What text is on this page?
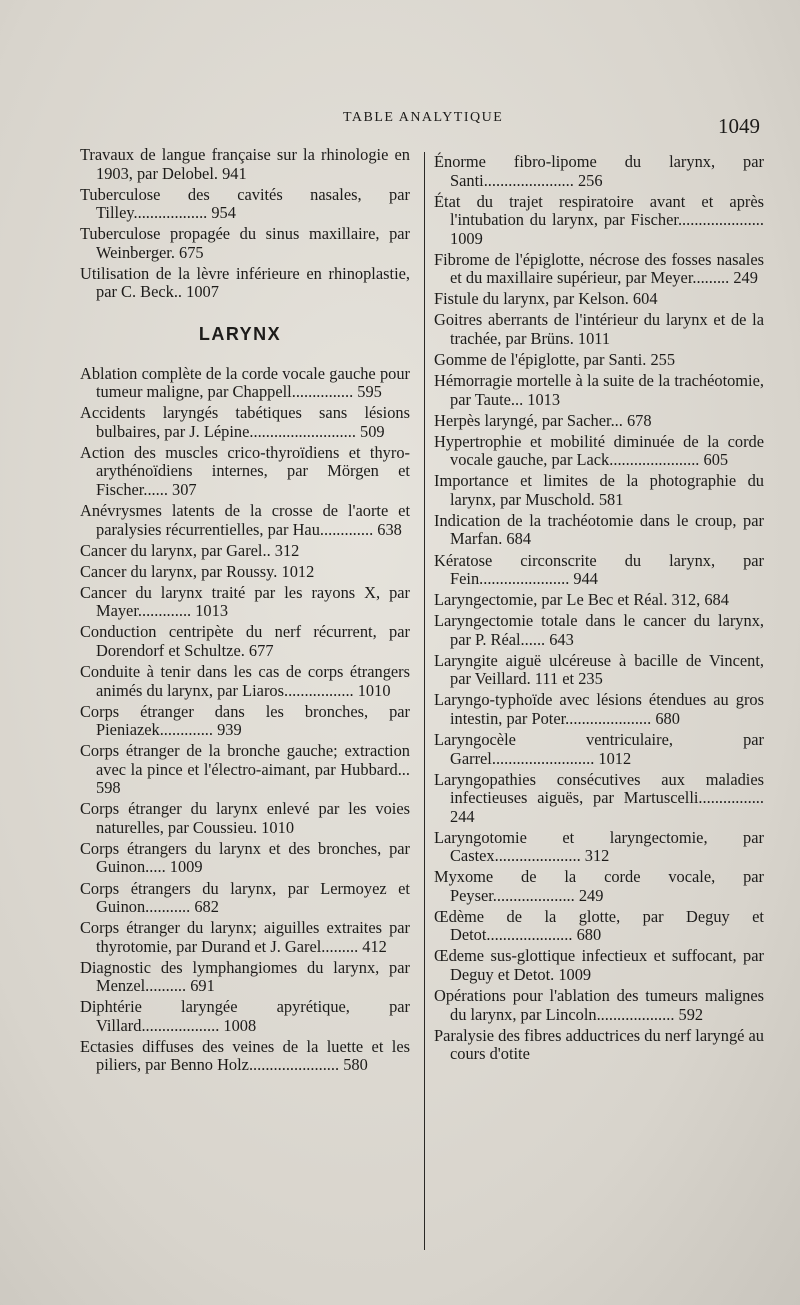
TABLE ANALYTIQUE	1049
Travaux de langue française sur la rhinologie en 1903, par Delobel. 941
Tuberculose des cavités nasales, par Tilley.................. 954
Tuberculose propagée du sinus maxillaire, par Weinberger. 675
Utilisation de la lèvre inférieure en rhinoplastie, par C. Beck.. 1007
LARYNX
Ablation complète de la corde vocale gauche pour tumeur maligne, par Chappell............... 595
Accidents laryngés tabétiques sans lésions bulbaires, par J. Lépine.......................... 509
Action des muscles crico-thyroïdiens et thyro-arythénoïdiens internes, par Mörgen et Fischer...... 307
Anévrysmes latents de la crosse de l'aorte et paralysies récurrentielles, par Hau............. 638
Cancer du larynx, par Garel.. 312
Cancer du larynx, par Roussy. 1012
Cancer du larynx traité par les rayons X, par Mayer............. 1013
Conduction centripète du nerf récurrent, par Dorendorf et Schultze. 677
Conduite à tenir dans les cas de corps étrangers animés du larynx, par Liaros................. 1010
Corps étranger dans les bronches, par Pieniazek............. 939
Corps étranger de la bronche gauche; extraction avec la pince et l'électro-aimant, par Hubbard... 598
Corps étranger du larynx enlevé par les voies naturelles, par Coussieu. 1010
Corps étrangers du larynx et des bronches, par Guinon..... 1009
Corps étrangers du larynx, par Lermoyez et Guinon........... 682
Corps étranger du larynx; aiguilles extraites par thyrotomie, par Durand et J. Garel......... 412
Diagnostic des lymphangiomes du larynx, par Menzel.......... 691
Diphtérie laryngée apyrétique, par Villard................... 1008
Ectasies diffuses des veines de la luette et les piliers, par Benno Holz...................... 580
Énorme fibro-lipome du larynx, par Santi...................... 256
État du trajet respiratoire avant et après l'intubation du larynx, par Fischer..................... 1009
Fibrome de l'épiglotte, nécrose des fosses nasales et du maxillaire supérieur, par Meyer......... 249
Fistule du larynx, par Kelson. 604
Goitres aberrants de l'intérieur du larynx et de la trachée, par Brüns. 1011
Gomme de l'épiglotte, par Santi. 255
Hémorragie mortelle à la suite de la trachéotomie, par Taute... 1013
Herpès laryngé, par Sacher... 678
Hypertrophie et mobilité diminuée de la corde vocale gauche, par Lack...................... 605
Importance et limites de la photographie du larynx, par Muschold. 581
Indication de la trachéotomie dans le croup, par Marfan. 684
Kératose circonscrite du larynx, par Fein...................... 944
Laryngectomie, par Le Bec et Réal. 312, 684
Laryngectomie totale dans le cancer du larynx, par P. Réal...... 643
Laryngite aiguë ulcéreuse à bacille de Vincent, par Veillard. 111 et 235
Laryngo-typhoïde avec lésions étendues au gros intestin, par Poter..................... 680
Laryngocèle ventriculaire, par Garrel......................... 1012
Laryngopathies consécutives aux maladies infectieuses aiguës, par Martuscelli................ 244
Laryngotomie et laryngectomie, par Castex..................... 312
Myxome de la corde vocale, par Peyser.................... 249
Œdème de la glotte, par Deguy et Detot..................... 680
Œdeme sus-glottique infectieux et suffocant, par Deguy et Detot. 1009
Opérations pour l'ablation des tumeurs malignes du larynx, par Lincoln................... 592
Paralysie des fibres adductrices du nerf laryngé au cours d'otite
